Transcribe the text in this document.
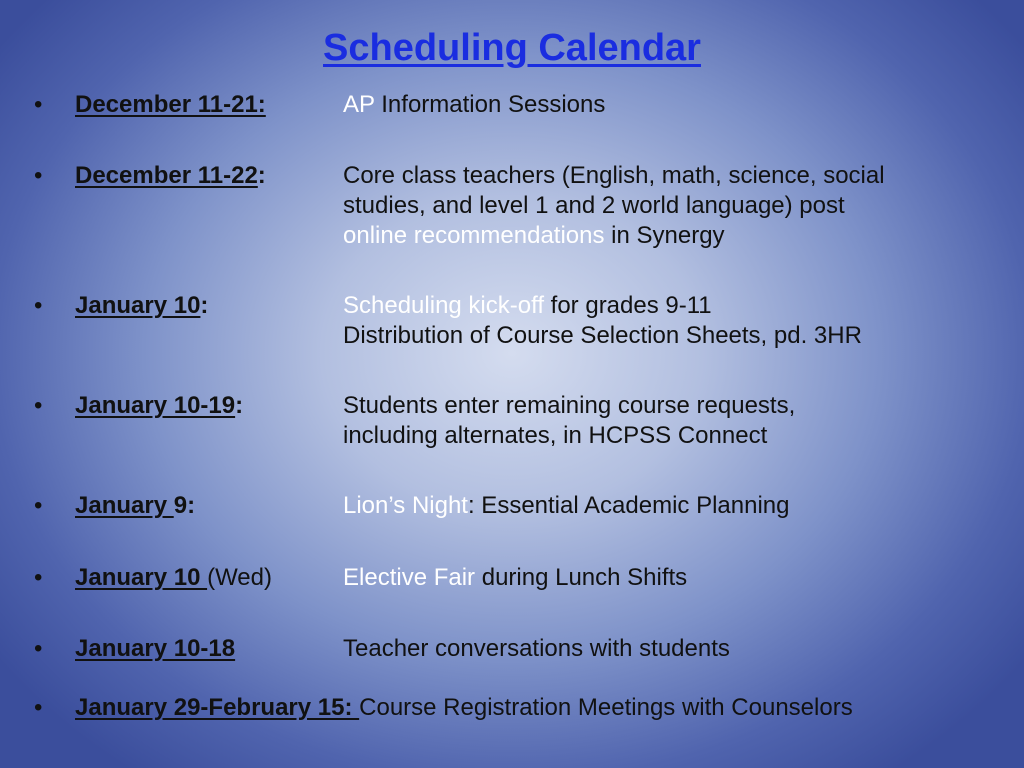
Scheduling Calendar
• December 11-21:	AP Information Sessions
• December 11-22:	Core class teachers (English, math, science, social
studies, and level 1 and 2 world language) post
online recommendations in Synergy
• January 10:	Scheduling kick-off for grades 9-11
Distribution of Course Selection Sheets, pd. 3HR
• January 10-19:	Students enter remaining course requests,
including alternates, in HCPSS Connect
• January 9:	Lion’s Night: Essential Academic Planning
• January 10 (Wed)	Elective Fair during Lunch Shifts
• January 10-18	Teacher conversations with students
• January 29-February 15: Course Registration Meetings with Counselors
